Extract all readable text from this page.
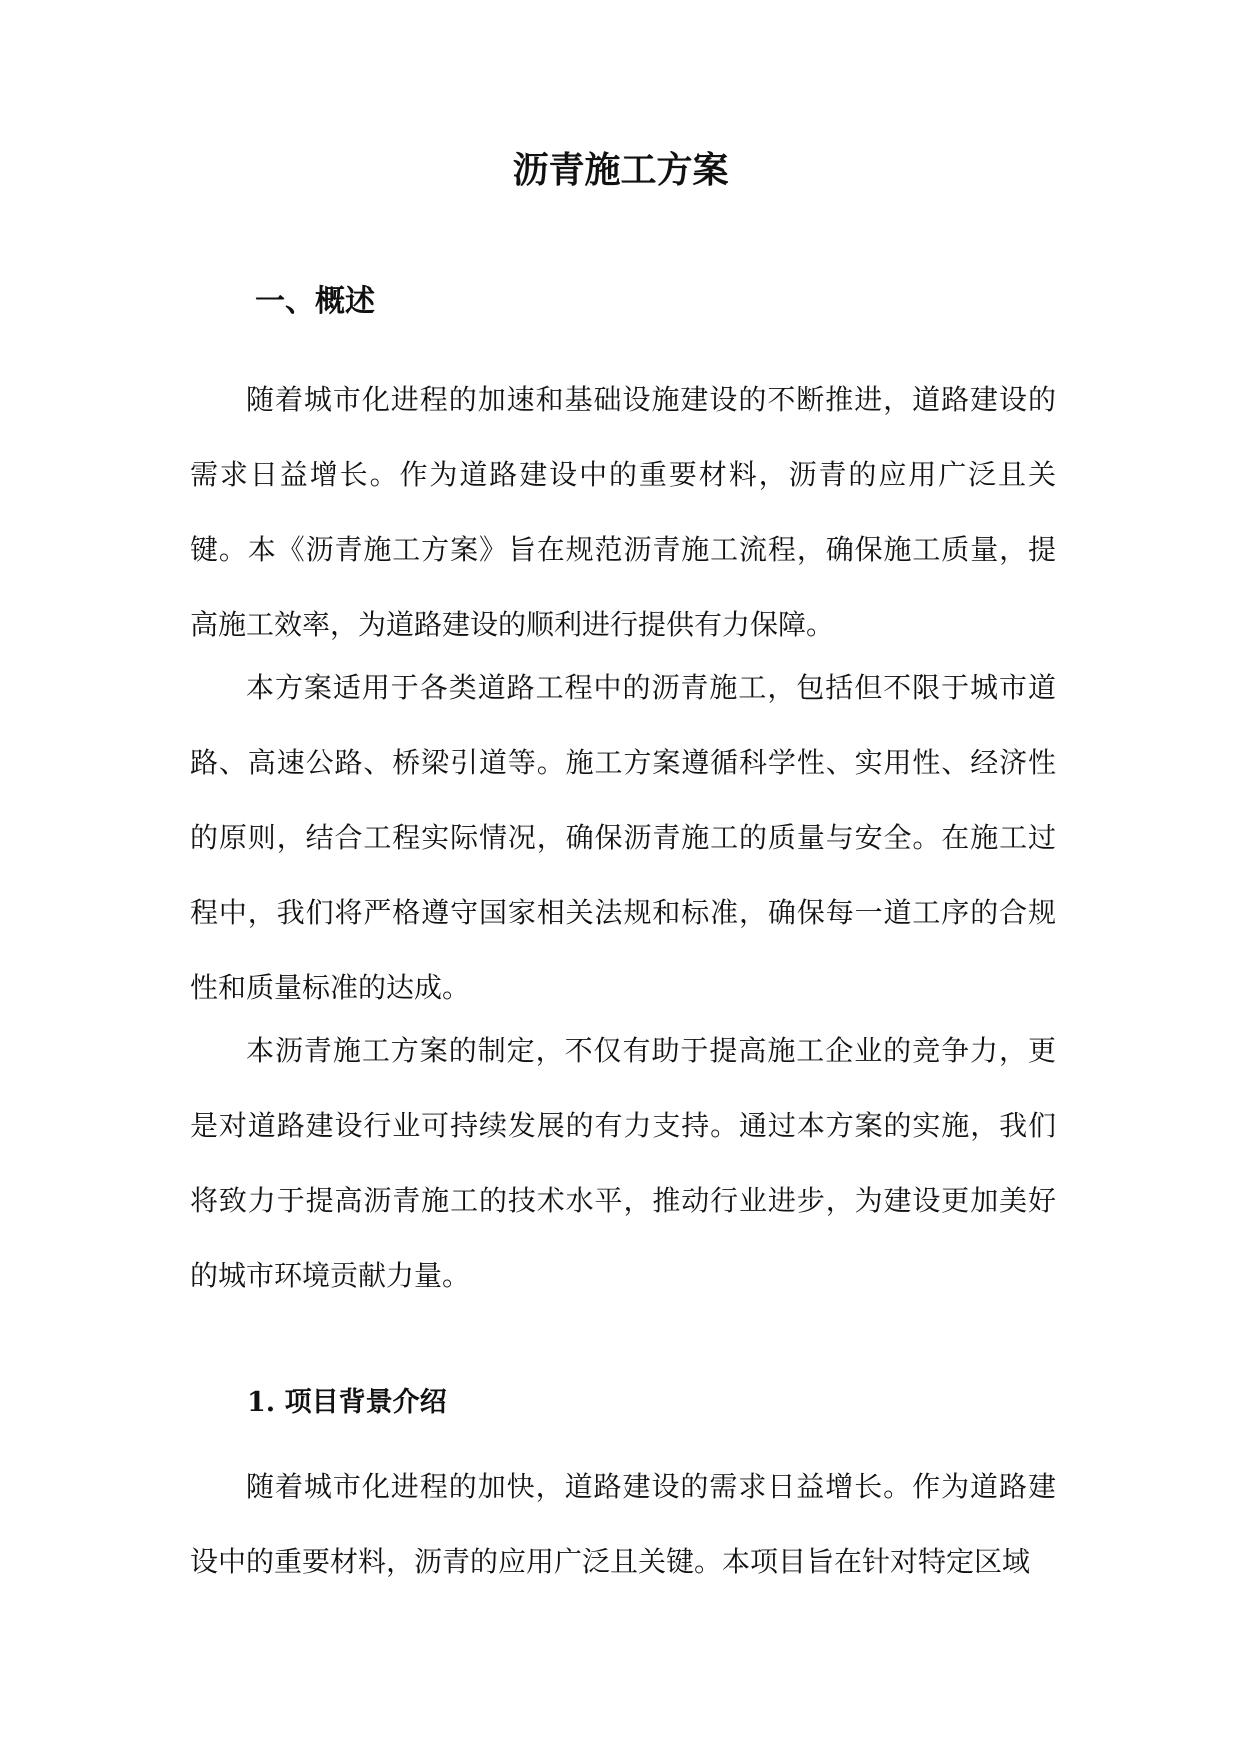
沥青施工方案
一、概述

随着城市化进程的加速和基础设施建设的不断推进，道路建设的需求日益增长。作为道路建设中的重要材料，沥青的应用广泛且关键。本《沥青施工方案》旨在规范沥青施工流程，确保施工质量，提高施工效率，为道路建设的顺利进行提供有力保障。

本方案适用于各类道路工程中的沥青施工，包括但不限于城市道路、高速公路、桥梁引道等。施工方案遵循科学性、实用性、经济性的原则，结合工程实际情况，确保沥青施工的质量与安全。在施工过程中，我们将严格遵守国家相关法规和标准，确保每一道工序的合规性和质量标准的达成。

本沥青施工方案的制定，不仅有助于提高施工企业的竞争力，更是对道路建设行业可持续发展的有力支持。通过本方案的实施，我们将致力于提高沥青施工的技术水平，推动行业进步，为建设更加美好的城市环境贡献力量。

1. 项目背景介绍

随着城市化进程的加快，道路建设的需求日益增长。作为道路建设中的重要材料，沥青的应用广泛且关键。本项目旨在针对特定区域
